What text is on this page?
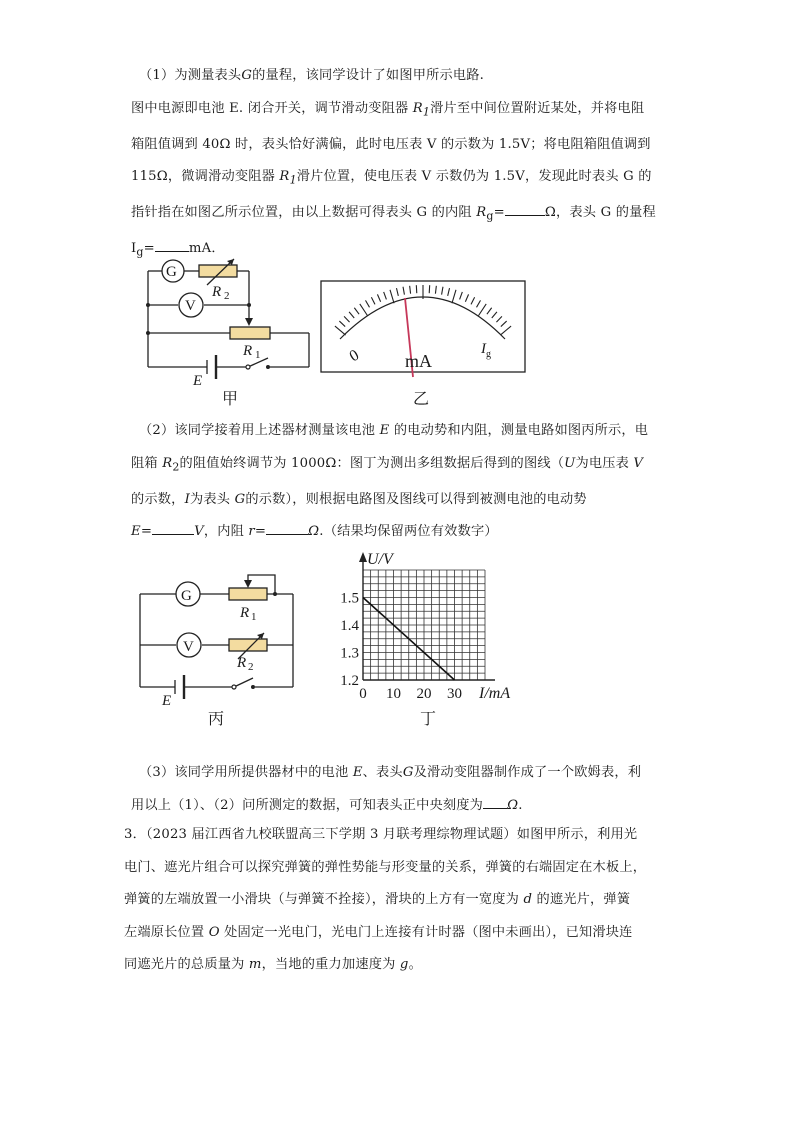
（1）为测量表头G的量程，该同学设计了如图甲所示电路.

图中电源即电池 E. 闭合开关，调节滑动变阻器 $R_1$滑片至中间位置附近某处，并将电阻

箱阻值调到 40Ω 时，表头恰好满偏，此时电压表 V 的示数为 1.5V；将电阻箱阻值调到

115Ω，微调滑动变阻器 $R_1$滑片位置，使电压表 V 示数仍为 1.5V，发现此时表头 G 的

指针指在如图乙所示位置，由以上数据可得表头 G 的内阻 $R_g=$	Ω，表头 G 的量程

$I_g=$	mA．

G
V
R 2
R 1
E
甲
0 mA
I g
乙

（2）该同学接着用上述器材测量该电池 E 的电动势和内阻，测量电路如图丙所示，电

阻箱 $R_2$的阻值始终调节为 1000Ω：图丁为测出多组数据后得到的图线（U为电压表 V

的示数，I为表头 G的示数），则根据电路图及图线可以得到被测电池的电动势

E=	V，内阻 r=	Ω.（结果均保留两位有效数字）

G
V
R 1
R 2
E
丙
0 10 20 30
1.2
1.3
1.4
1.5
U/V
I/mA
丁

（3）该同学用所提供器材中的电池 E、表头G及滑动变阻器制作成了一个欧姆表，利

用以上（1）、（2）问所测定的数据，可知表头正中央刻度为 Ω.

3．（2023 届江西省九校联盟高三下学期 3 月联考理综物理试题）如图甲所示，利用光

电门、遮光片组合可以探究弹簧的弹性势能与形变量的关系，弹簧的右端固定在木板上，

弹簧的左端放置一小滑块（与弹簧不拴接），滑块的上方有一宽度为 d 的遮光片，弹簧

左端原长位置 O 处固定一光电门，光电门上连接有计时器（图中未画出），已知滑块连

同遮光片的总质量为 m，当地的重力加速度为 g。
